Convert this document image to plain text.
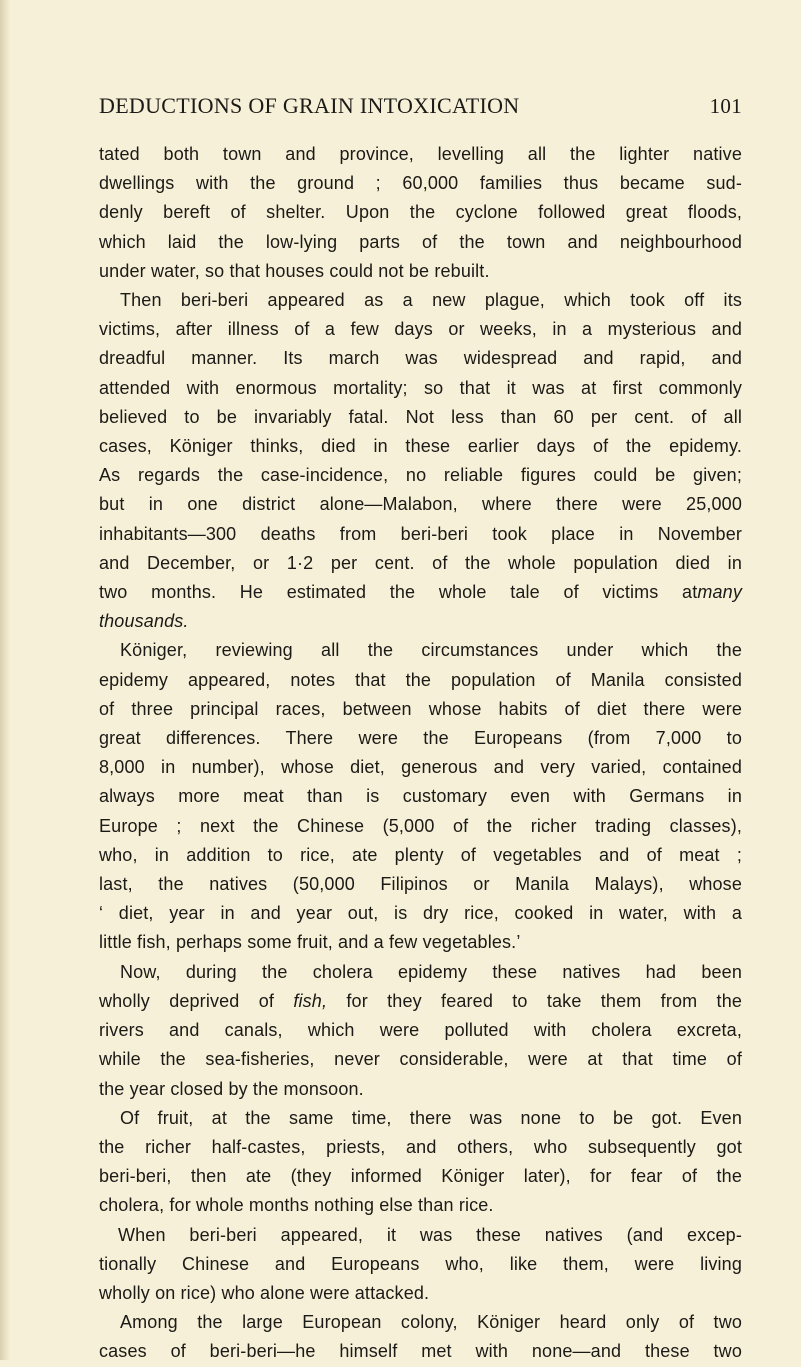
DEDUCTIONS OF GRAIN INTOXICATION	101
tated both town and province, levelling all the lighter native
dwellings with the ground ; 60,000 families thus became sud-
denly bereft of shelter. Upon the cyclone followed great floods,
which laid the low-lying parts of the town and neighbourhood
under water, so that houses could not be rebuilt.
Then beri-beri appeared as a new plague, which took off its
victims, after illness of a few days or weeks, in a mysterious and
dreadful manner. Its march was widespread and rapid, and
attended with enormous mortality; so that it was at first commonly
believed to be invariably fatal. Not less than 60 per cent. of all
cases, Königer thinks, died in these earlier days of the epidemy.
As regards the case-incidence, no reliable figures could be given;
but in one district alone—Malabon, where there were 25,000
inhabitants—300 deaths from beri-beri took place in November
and December, or 1·2 per cent. of the whole population died in
two months. He estimated the whole tale of victims atmany
thousands.
Königer, reviewing all the circumstances under which the
epidemy appeared, notes that the population of Manila consisted
of three principal races, between whose habits of diet there were
great differences. There were the Europeans (from 7,000 to
8,000 in number), whose diet, generous and very varied, contained
always more meat than is customary even with Germans in
Europe ; next the Chinese (5,000 of the richer trading classes),
who, in addition to rice, ate plenty of vegetables and of meat ;
last, the natives (50,000 Filipinos or Manila Malays), whose
‘ diet, year in and year out, is dry rice, cooked in water, with a
little fish, perhaps some fruit, and a few vegetables.’
Now, during the cholera epidemy these natives had been
wholly deprived of fish, for they feared to take them from the
rivers and canals, which were polluted with cholera excreta,
while the sea-fisheries, never considerable, were at that time of
the year closed by the monsoon.
Of fruit, at the same time, there was none to be got. Even
the richer half-castes, priests, and others, who subsequently got
beri-beri, then ate (they informed Königer later), for fear of the
cholera, for whole months nothing else than rice.
When beri-beri appeared, it was these natives (and excep-
tionally Chinese and Europeans who, like them, were living
wholly on rice) who alone were attacked.
Among the large European colony, Königer heard only of two
cases of beri-beri—he himself met with none—and these two
